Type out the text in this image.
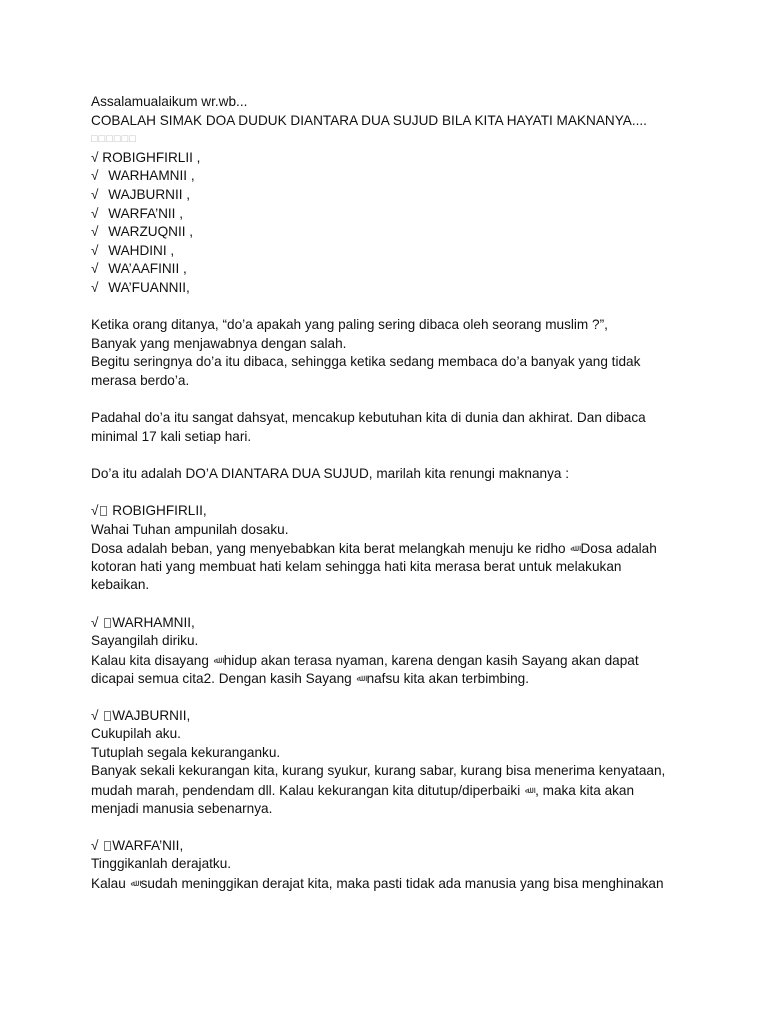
Assalamualaikum wr.wb...
COBALAH SIMAK DOA DUDUK DIANTARA DUA SUJUD BILA KITA HAYATI MAKNANYA....
□□□□□□
√ ROBIGHFIRLII ,
√ WARHAMNII ,
√ WAJBURNII ,
√ WARFA’NII ,
√ WARZUQNII ,
√ WAHDINI ,
√ WA’AAFINII ,
√ WA’FUANNII,
Ketika orang ditanya, “do’a apakah yang paling sering dibaca oleh seorang muslim ?”,
Banyak yang menjawabnya dengan salah.
Begitu seringnya do’a itu dibaca, sehingga ketika sedang membaca do’a banyak yang tidak
merasa berdo’a.
Padahal do’a itu sangat dahsyat, mencakup kebutuhan kita di dunia dan akhirat. Dan dibaca
minimal 17 kali setiap hari.
Do’a itu adalah DO’A DIANTARA DUA SUJUD, marilah kita renungi maknanya :
√ ROBIGHFIRLII,
Wahai Tuhan ampunilah dosaku.
Dosa adalah beban, yang menyebabkan kita berat melangkah menuju ke ridho ﷲ Dosa adalah
kotoran hati yang membuat hati kelam sehingga hati kita merasa berat untuk melakukan
kebaikan.
√ WARHAMNII,
Sayangilah diriku.
Kalau kita disayang ﷲ hidup akan terasa nyaman, karena dengan kasih Sayang akan dapat
dicapai semua cita2. Dengan kasih Sayang ﷲ nafsu kita akan terbimbing.
√ WAJBURNII,
Cukupilah aku.
Tutuplah segala kekuranganku.
Banyak sekali kekurangan kita, kurang syukur, kurang sabar, kurang bisa menerima kenyataan,
mudah marah, pendendam dll. Kalau kekurangan kita ditutup/diperbaiki ﷲ , maka kita akan
menjadi manusia sebenarnya.
√ WARFA’NII,
Tinggikanlah derajatku.
Kalau ﷲ sudah meninggikan derajat kita, maka pasti tidak ada manusia yang bisa menghinakan
